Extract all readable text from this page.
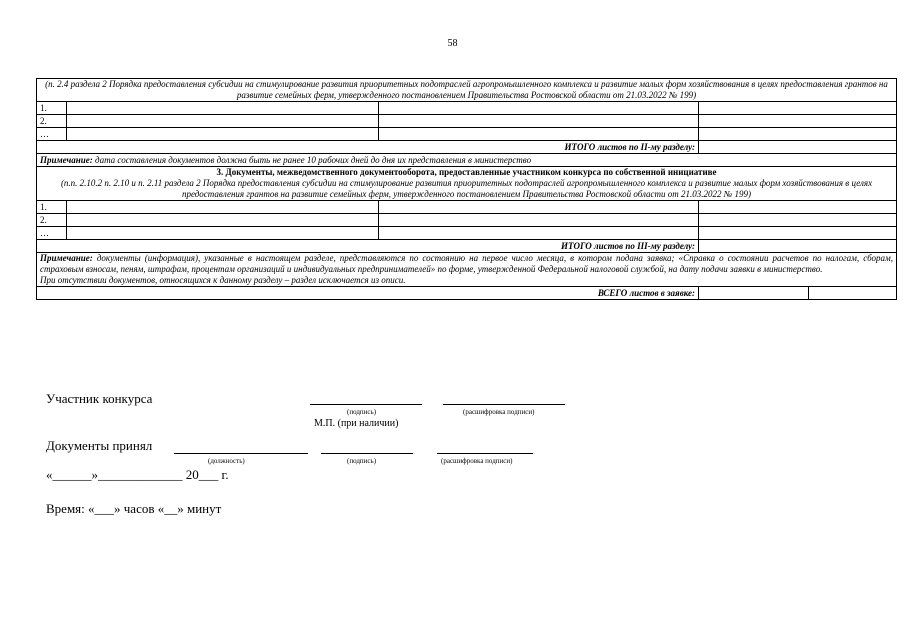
58
(п. 2.4 раздела 2 Порядка предоставления субсидии на стимулирование развития приоритетных подотраслей агропромышленного комплекса и развитие малых форм хозяйствования в целях предоставления грантов на развитие семейных ферм, утвержденного постановлением Правительства Ростовской области от 21.03.2022 № 199)				
1.				
2.				
…				
ИТОГО листов по II-му разделу:				
Примечание: дата составления документов должна быть не ранее 10 рабочих дней до дня их представления в министерство				

3. Документы, межведомственного документооборота, предоставленные участником конкурса по собственной инициативе
(п.п. 2.10.2 п. 2.10 и п. 2.11 раздела 2 Порядка предоставления субсидии на стимулирование развития приоритетных подотраслей агропромышленного комплекса и развитие малых форм хозяйствования в целях предоставления грантов на развитие семейных ферм, утвержденного постановлением Правительства Ростовской области от 21.03.2022 № 199)				

1.				
2.				
…				
ИТОГО листов по III-му разделу:				
Примечание: документы (информация), указанные в настоящем разделе, представляются по состоянию на первое число месяца, в котором подана заявка; «Справка о состоянии расчетов по налогам, сборам, страховым взносам, пеням, штрафам, процентам организаций и индивидуальных предпринимателей» по форме, утвержденной Федеральной налоговой службой, на дату подачи заявки в министерство.
При отсутствии документов, относящихся к данному разделу – раздел исключается из описи.				
ВСЕГО листов в заявке:				
Участник конкурса
(подпись)	(расшифровка подписи)
М.П. (при наличии)
Документы принял
(должность)	(подпись)	(расшифровка подписи)
«______»_____________ 20___ г.
Время: «___» часов «__» минут
